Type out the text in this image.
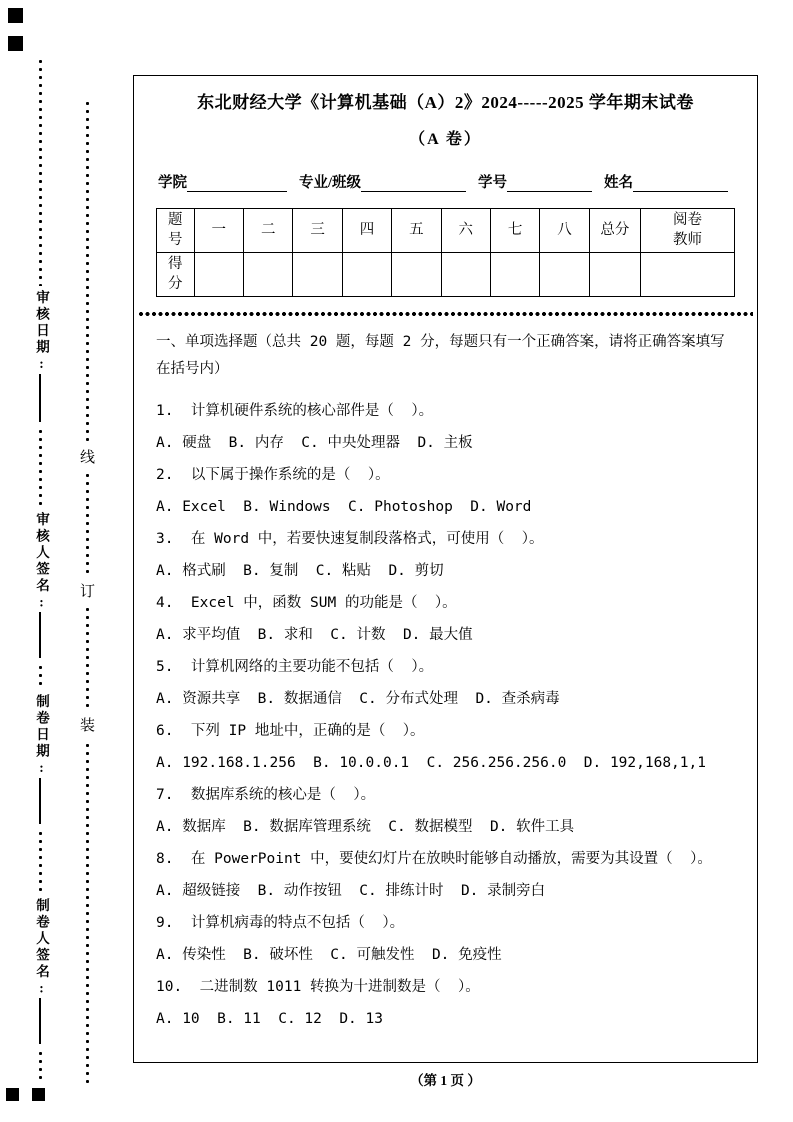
审核日期:
审核人签名:
制卷日期:
制卷人签名:
线
订
装
东北财经大学《计算机基础（A）2》2024-----2025 学年期末试卷
（A 卷）
学院	专业/班级	学号	姓名
题号	一	二	三	四	五	六	七	八	总分	阅卷教师
得分										
一、单项选择题（总共 20 题，每题 2 分，每题只有一个正确答案，请将正确答案填写在括号内）
1.  计算机硬件系统的核心部件是（  ）。
A. 硬盘  B. 内存  C. 中央处理器  D. 主板
2.  以下属于操作系统的是（  ）。
A. Excel  B. Windows  C. Photoshop  D. Word
3.  在 Word 中，若要快速复制段落格式，可使用（  ）。
A. 格式刷  B. 复制  C. 粘贴  D. 剪切
4.  Excel 中，函数 SUM 的功能是（  ）。
A. 求平均值  B. 求和  C. 计数  D. 最大值
5.  计算机网络的主要功能不包括（  ）。
A. 资源共享  B. 数据通信  C. 分布式处理  D. 查杀病毒
6.  下列 IP 地址中，正确的是（  ）。
A. 192.168.1.256  B. 10.0.0.1  C. 256.256.256.0  D. 192,168,1,1
7.  数据库系统的核心是（  ）。
A. 数据库  B. 数据库管理系统  C. 数据模型  D. 软件工具
8.  在 PowerPoint 中，要使幻灯片在放映时能够自动播放，需要为其设置（  ）。
A. 超级链接  B. 动作按钮  C. 排练计时  D. 录制旁白
9.  计算机病毒的特点不包括（  ）。
A. 传染性  B. 破坏性  C. 可触发性  D. 免疫性
10.  二进制数 1011 转换为十进制数是（  ）。
A. 10  B. 11  C. 12  D. 13
（第 1 页 ）
